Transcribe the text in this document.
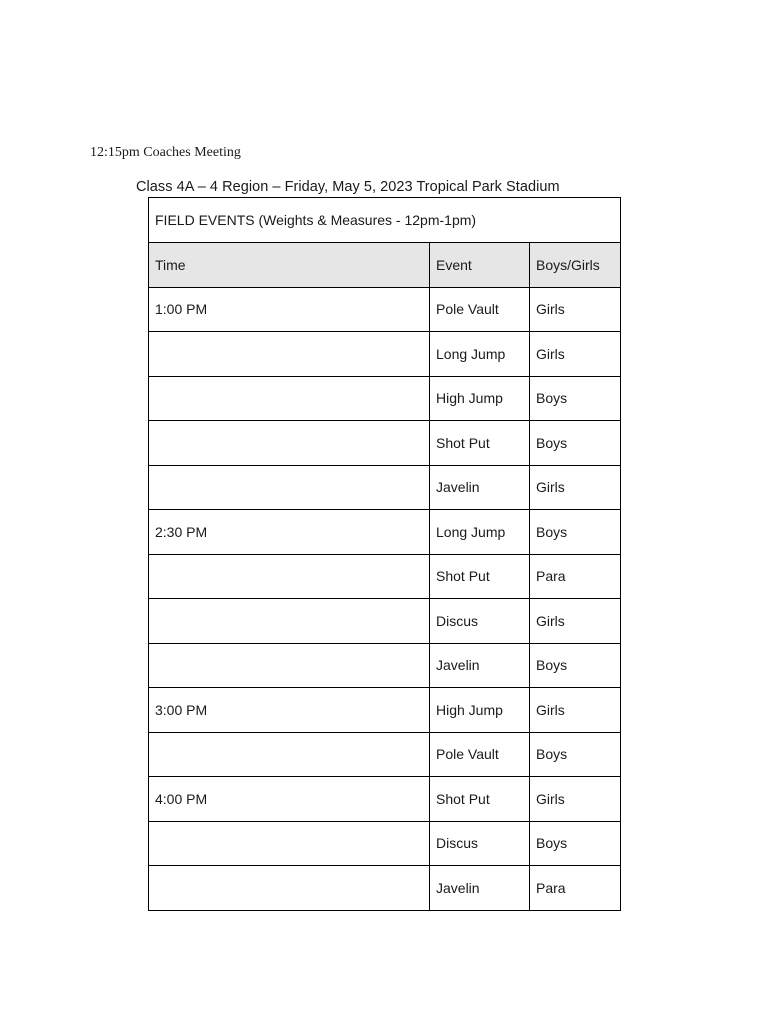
12:15pm Coaches Meeting
Class 4A – 4 Region – Friday, May 5, 2023 Tropical Park Stadium
FIELD EVENTS (Weights & Measures - 12pm-1pm)		
Time	Event	Boys/Girls
1:00 PM	Pole Vault	Girls
	Long Jump	Girls
	High Jump	Boys
	Shot Put	Boys
	Javelin	Girls
2:30 PM	Long Jump	Boys
	Shot Put	Para
	Discus	Girls
	Javelin	Boys
3:00 PM	High Jump	Girls
	Pole Vault	Boys
4:00 PM	Shot Put	Girls
	Discus	Boys
	Javelin	Para
